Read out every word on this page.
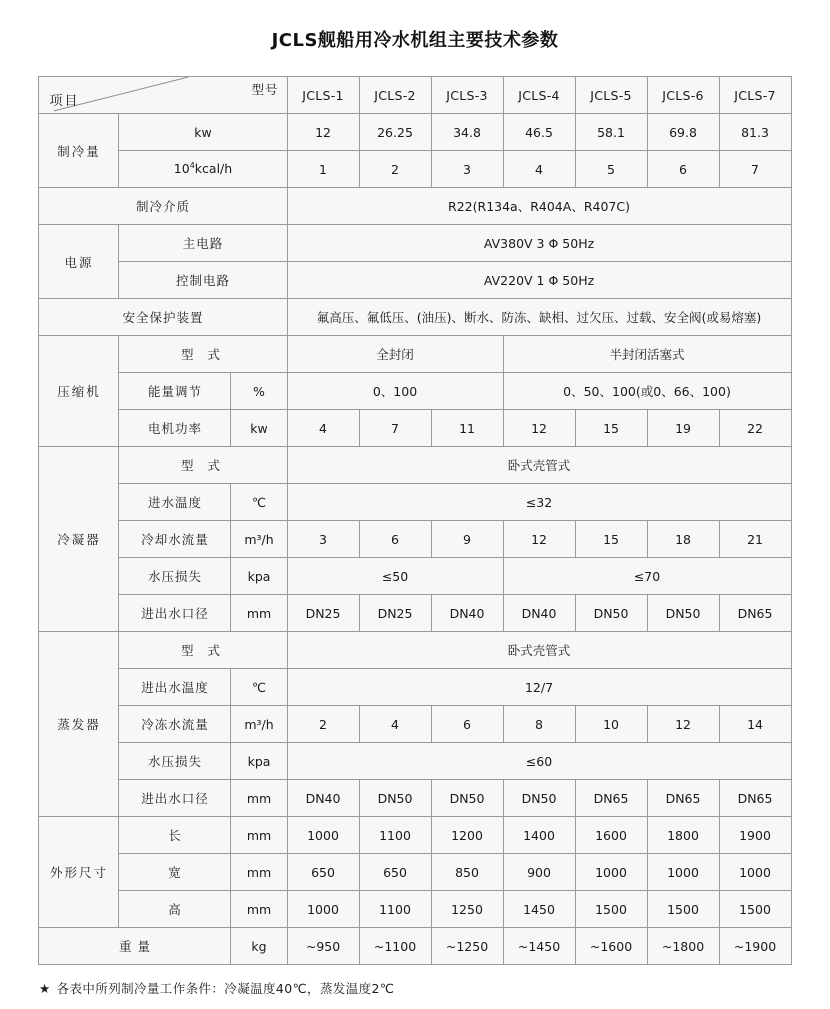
JCLS舰船用冷水机组主要技术参数
项目
型号			JCLS-1	JCLS-2	JCLS-3	JCLS-4	JCLS-5	JCLS-6	JCLS-7
制冷量	kw		12	26.25	34.8	46.5	58.1	69.8	81.3
	$10^4kcal/h$		1	2	3	4	5	6	7
制冷介质			R22(R134a、R404A、R407C)						
电源	主电路		AV380V 3 Φ 50Hz						
	控制电路		AV220V 1 Φ 50Hz						
安全保护装置			氟高压、氟低压、(油压)、断水、防冻、缺相、过欠压、过载、安全阀(或易熔塞)						
压缩机	型 式		全封闭			半封闭活塞式			
	能量调节	%	0、100			0、50、100(或0、66、100)			
	电机功率	kw	4	7	11	12	15	19	22
冷凝器	型 式		卧式壳管式						
	进水温度	℃	≤32						
	冷却水流量	m³/h	3	6	9	12	15	18	21
	水压损失	kpa	≤50			≤70			
	进出水口径	mm	DN25	DN25	DN40	DN40	DN50	DN50	DN65
蒸发器	型 式		卧式壳管式						
	进出水温度	℃	12/7						
	冷冻水流量	m³/h	2	4	6	8	10	12	14
	水压损失	kpa	≤60						
	进出水口径	mm	DN40	DN50	DN50	DN50	DN65	DN65	DN65
外形尺寸	长	mm	1000	1100	1200	1400	1600	1800	1900
	宽	mm	650	650	850	900	1000	1000	1000
	高	mm	1000	1100	1250	1450	1500	1500	1500
重 量		kg	~950	~1100	~1250	~1450	~1600	~1800	~1900
★ 各表中所列制冷量工作条件：冷凝温度40℃，蒸发温度2℃
